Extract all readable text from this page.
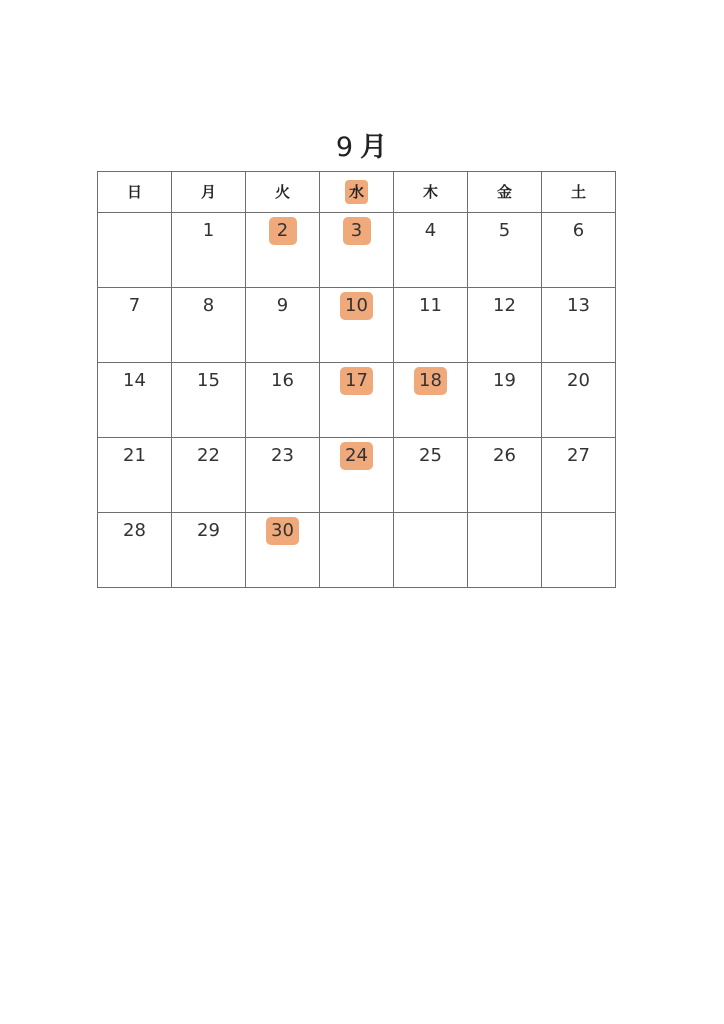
9 月
日	月	火	水	木	金	土
	1	2	3	4	5	6
7	8	9	10	11	12	13
14	15	16	17	18	19	20
21	22	23	24	25	26	27
28	29	30				
